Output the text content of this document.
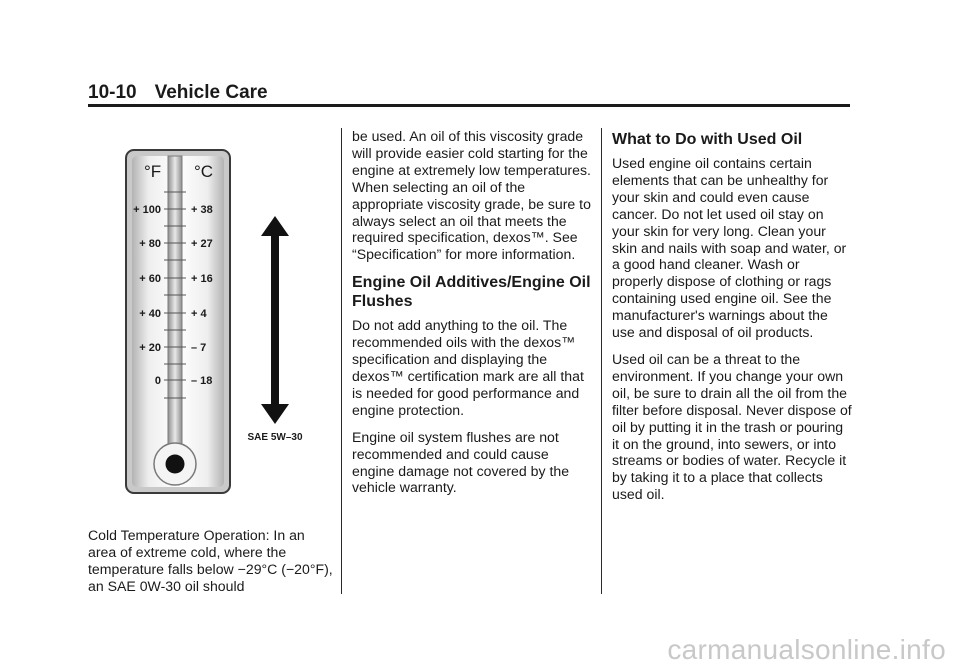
10-10 Vehicle Care
°F °C
+ 100	+ 38
+ 80	+ 27
+ 60	+ 16
+ 40	+ 4
+ 20	– 7
0	– 18
SAE 5W–30

Cold Temperature Operation: In an area of extreme cold, where the temperature falls below −29°C (−20°F), an SAE 0W-30 oil should

be used. An oil of this viscosity grade will provide easier cold starting for the engine at extremely low temperatures. When selecting an oil of the appropriate viscosity grade, be sure to always select an oil that meets the required specification, dexos™. See “Specification” for more information.

Engine Oil Additives/Engine Oil Flushes

Do not add anything to the oil. The recommended oils with the dexos™ specification and displaying the dexos™ certification mark are all that is needed for good performance and engine protection.

Engine oil system flushes are not recommended and could cause engine damage not covered by the vehicle warranty.

What to Do with Used Oil

Used engine oil contains certain elements that can be unhealthy for your skin and could even cause cancer. Do not let used oil stay on your skin for very long. Clean your skin and nails with soap and water, or a good hand cleaner. Wash or properly dispose of clothing or rags containing used engine oil. See the manufacturer's warnings about the use and disposal of oil products.

Used oil can be a threat to the environment. If you change your own oil, be sure to drain all the oil from the filter before disposal. Never dispose of oil by putting it in the trash or pouring it on the ground, into sewers, or into streams or bodies of water. Recycle it by taking it to a place that collects used oil.

carmanualsonline.info
